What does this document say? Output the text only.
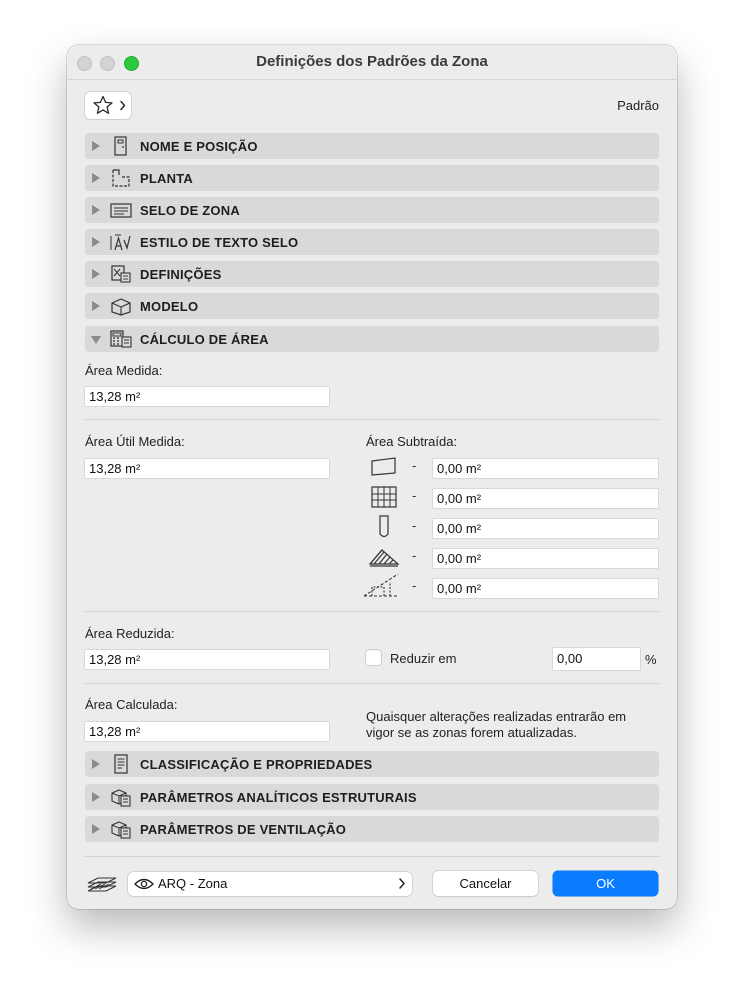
Definições dos Padrões da Zona
Padrão
NOME E POSIÇÃO
PLANTA
SELO DE ZONA
ESTILO DE TEXTO SELO
DEFINIÇÕES
MODELO
CÁLCULO DE ÁREA
Área Medida:
13,28 m²
Área Útil Medida:
13,28 m²
Área Subtraída:
-	0,00 m²
-	0,00 m²
-	0,00 m²
-	0,00 m²
-	0,00 m²
Área Reduzida:
13,28 m²	Reduzir em	0,00	%
Área Calculada:
13,28 m²
Quaisquer alterações realizadas entrarão em vigor se as zonas forem atualizadas.
CLASSIFICAÇÃO E PROPRIEDADES
PARÂMETROS ANALÍTICOS ESTRUTURAIS
PARÂMETROS DE VENTILAÇÃO
ARQ - Zona	Cancelar	OK
